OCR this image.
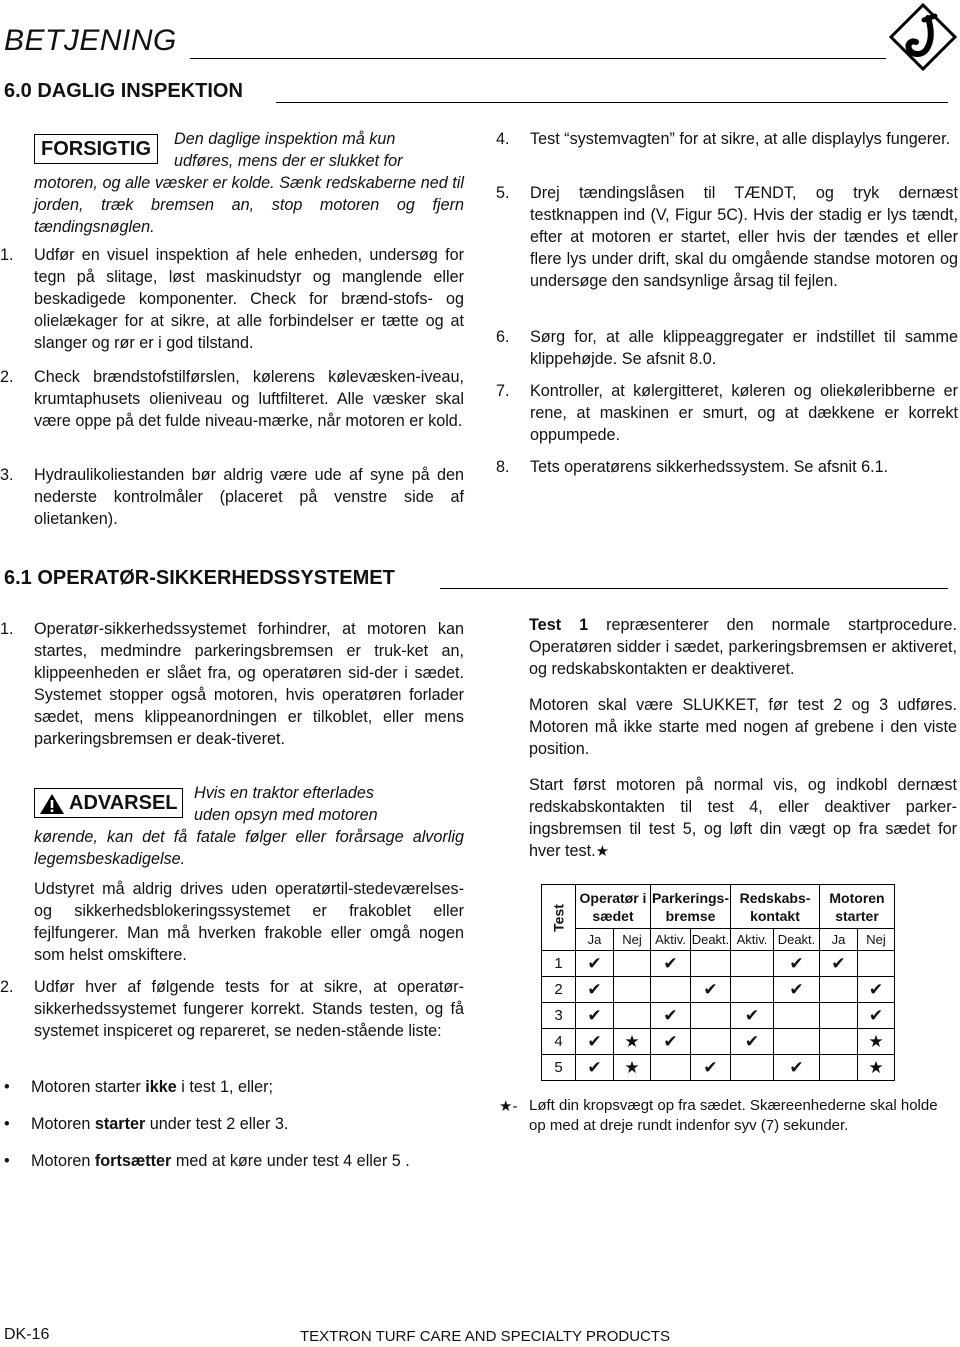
BETJENING
6.0 DAGLIG INSPEKTION
FORSIGTIG	Den daglige inspektion må kun
udføres, mens der er slukket for
motoren, og alle væsker er kolde. Sænk redskaberne ned til jorden, træk bremsen an, stop motoren og fjern tændingsnøglen.
1. Udfør en visuel inspektion af hele enheden, undersøg for tegn på slitage, løst maskinudstyr og manglende eller beskadigede komponenter. Check for brænd-stofs- og olielækager for at sikre, at alle forbindelser er tætte og at slanger og rør er i god tilstand.
2. Check brændstofstilførslen, kølerens kølevæsken-iveau, krumtaphusets olieniveau og luftfilteret. Alle væsker skal være oppe på det fulde niveau-mærke, når motoren er kold.
3. Hydraulikoliestanden bør aldrig være ude af syne på den nederste kontrolmåler (placeret på venstre side af olietanken).
4. Test “systemvagten” for at sikre, at alle displaylys fungerer.
5. Drej tændingslåsen til TÆNDT, og tryk dernæst testknappen ind (V, Figur 5C). Hvis der stadig er lys tændt, efter at motoren er startet, eller hvis der tændes et eller flere lys under drift, skal du omgående standse motoren og undersøge den sandsynlige årsag til fejlen.
6. Sørg for, at alle klippeaggregater er indstillet til samme klippehøjde. Se afsnit 8.0.
7. Kontroller, at kølergitteret, køleren og oliekøleribberne er rene, at maskinen er smurt, og at dækkene er korrekt oppumpede.
8. Tets operatørens sikkerhedssystem. Se afsnit 6.1.
6.1 OPERATØR-SIKKERHEDSSYSTEMET
1. Operatør-sikkerhedssystemet forhindrer, at motoren kan startes, medmindre parkeringsbremsen er truk-ket an, klippeenheden er slået fra, og operatøren sid-der i sædet. Systemet stopper også motoren, hvis operatøren forlader sædet, mens klippeanordningen er tilkoblet, eller mens parkeringsbremsen er deak-tiveret.
ADVARSEL Hvis en traktor efterlades
uden opsyn med motoren
kørende, kan det få fatale følger eller forårsage alvorlig legemsbeskadigelse.
Udstyret må aldrig drives uden operatørtil-stedeværelses-og sikkerhedsblokeringssystemet er frakoblet eller fejlfungerer. Man må hverken frakoble eller omgå nogen som helst omskiftere.
2. Udfør hver af følgende tests for at sikre, at operatør-sikkerhedssystemet fungerer korrekt. Stands testen, og få systemet inspiceret og repareret, se neden-stående liste:
• Motoren starter ikke i test 1, eller;
• Motoren starter under test 2 eller 3.
• Motoren fortsætter med at køre under test 4 eller 5 .
Test 1 repræsenterer den normale startprocedure. Operatøren sidder i sædet, parkeringsbremsen er aktiveret, og redskabskontakten er deaktiveret.
Motoren skal være SLUKKET, før test 2 og 3 udføres. Motoren må ikke starte med nogen af grebene i den viste position.
Start først motoren på normal vis, og indkobl dernæst redskabskontakten til test 4, eller deaktiver parker-ingsbremsen til test 5, og løft din vægt op fra sædet for hver test.★
Test	Operatør i sædet		Parkerings-bremse		Redskabs-kontakt		Motoren starter	
	Ja	Nej	Aktiv.	Deakt.	Aktiv.	Deakt.	Ja	Nej
1	✔		✔			✔	✔	
2	✔			✔		✔		✔
3	✔		✔		✔			✔
4	✔	★	✔		✔			★
5	✔	★		✔		✔		★
★- Løft din kropsvægt op fra sædet. Skæreenhederne skal holde op med at dreje rundt indenfor syv (7) sekunder.
DK-16	TEXTRON TURF CARE AND SPECIALTY PRODUCTS
